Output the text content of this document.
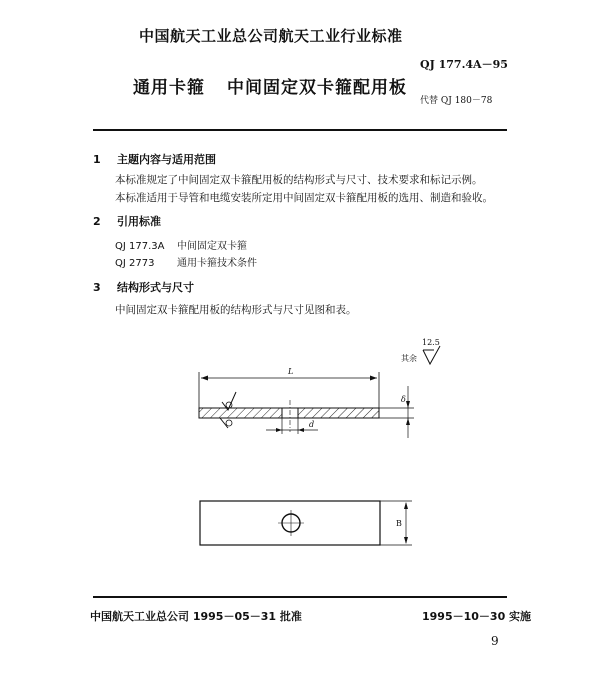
中国航天工业总公司航天工业行业标准
QJ 177.4A－95
通用卡箍 中间固定双卡箍配用板
代替 QJ 180－78
1 主题内容与适用范围
本标准规定了中间固定双卡箍配用板的结构形式与尺寸、技术要求和标记示例。
本标准适用于导管和电缆安装所定用中间固定双卡箍配用板的选用、制造和验收。
2 引用标准
QJ 177.3A 中间固定双卡箍
QJ 2773 通用卡箍技术条件
3 结构形式与尺寸
中间固定双卡箍配用板的结构形式与尺寸见图和表。
12.5
其余
L
d
δ
B
中国航天工业总公司 1995－05－31 批准	1995－10－30 实施
9
